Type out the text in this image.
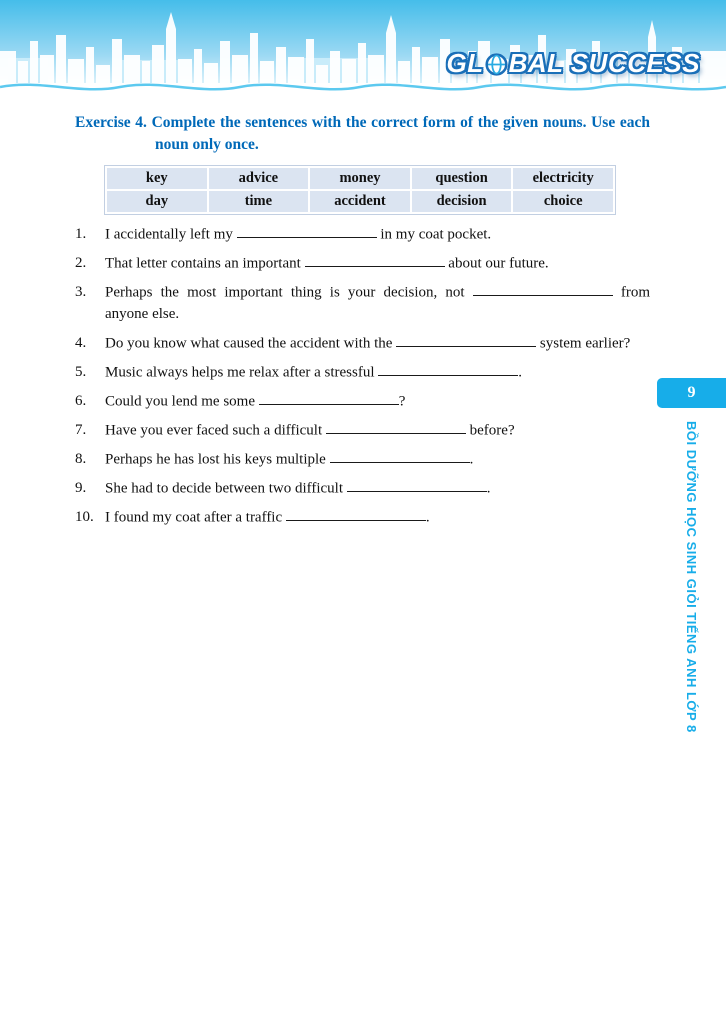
GL BAL SUCCESS

Exercise 4. Complete the sentences with the correct form of the given nouns. Use each noun only once.

key	advice	money	question	electricity
day	time	accident	decision	choice
1.	I accidentally left my	in my coat pocket.
2.	That letter contains an important	about our future.
3.	Perhaps the most important thing is your decision, not	from anyone else.
4.	Do you know what caused the accident with the	system earlier?
5.	Music always helps me relax after a stressful	.
6.	Could you lend me some	?
7.	Have you ever faced such a difficult	before?
8.	Perhaps he has lost his keys multiple	.
9.	She had to decide between two difficult	.
10. I found my coat after a traffic	.
9
BỒI DƯỠNG HỌC SINH GIỎI TIẾNG ANH LỚP 8
